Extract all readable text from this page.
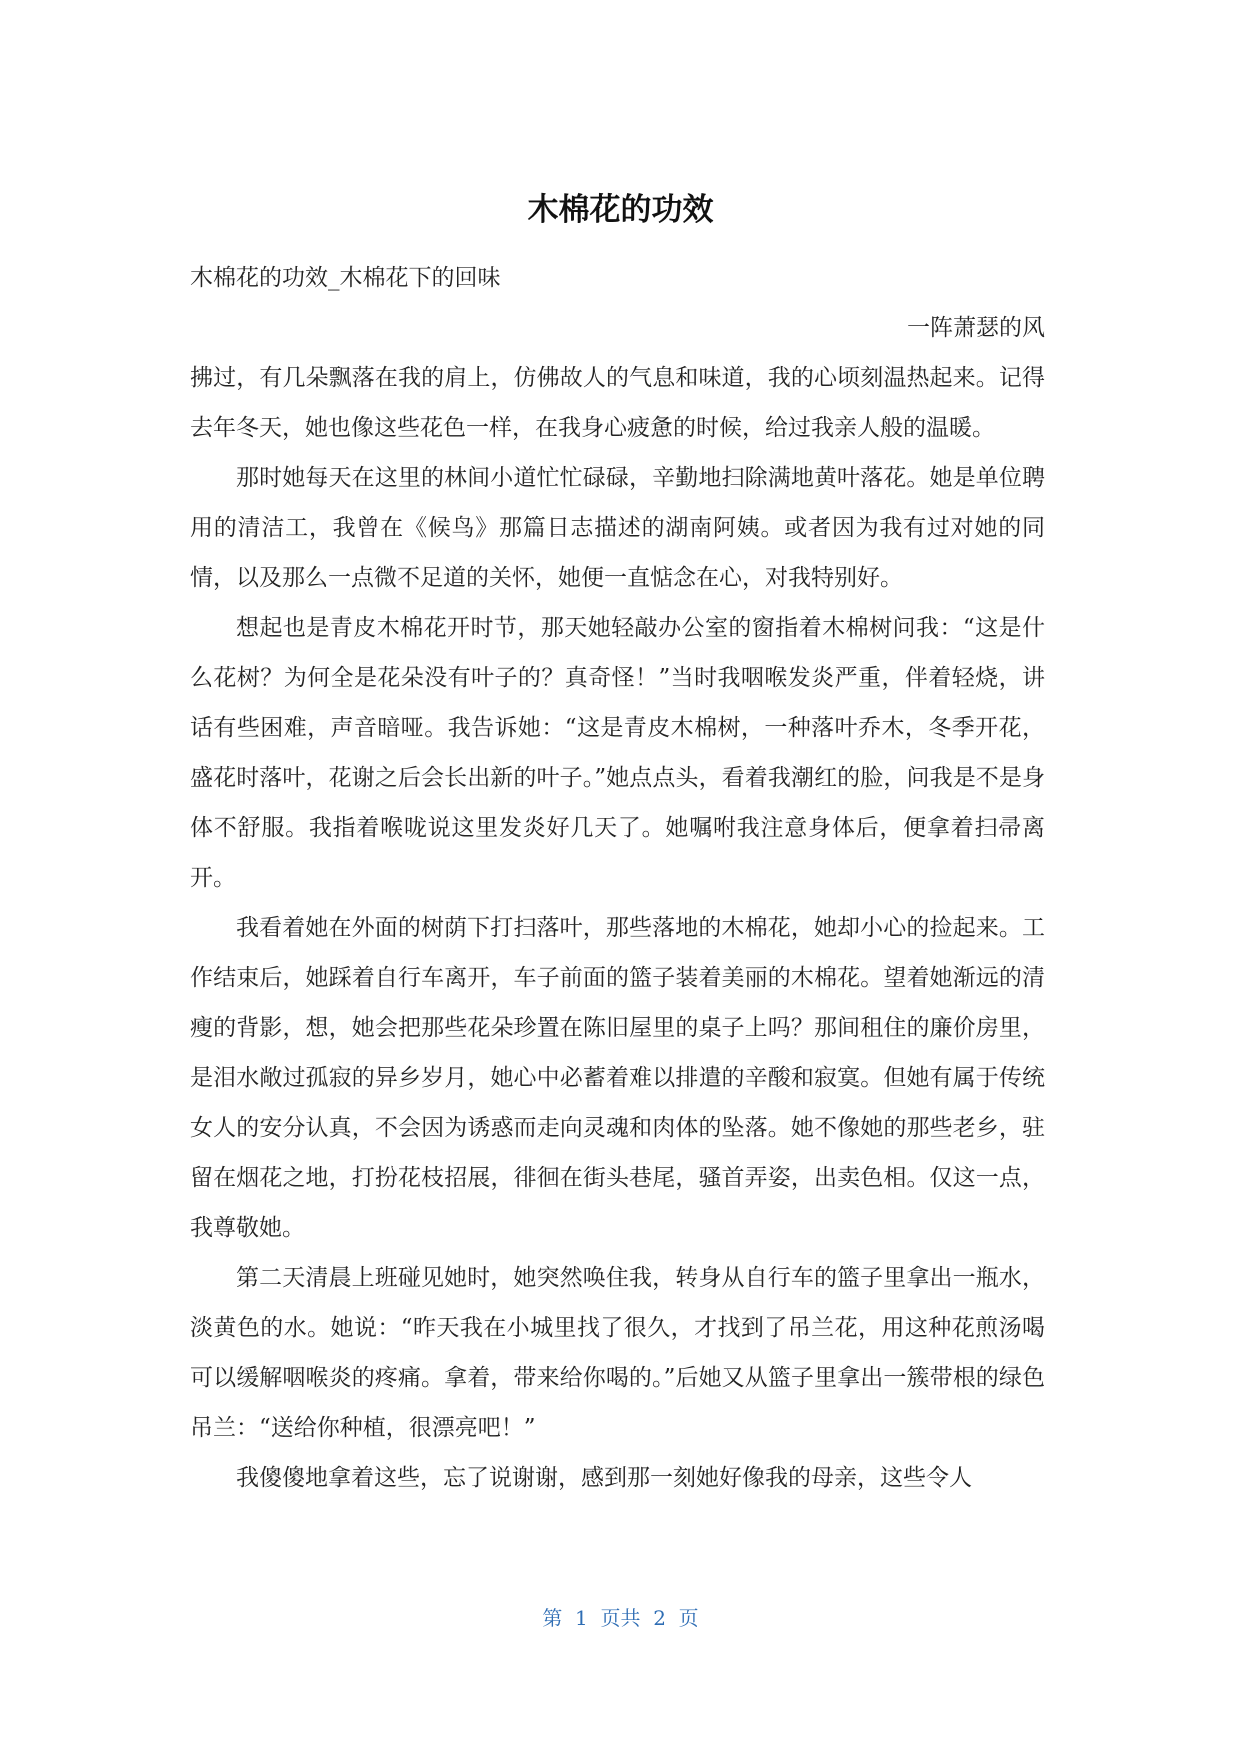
木棉花的功效

木棉花的功效_木棉花下的回味

一阵萧瑟的风

拂过，有几朵飘落在我的肩上，仿佛故人的气息和味道，我的心顷刻温热起来。记得去年冬天，她也像这些花色一样，在我身心疲惫的时候，给过我亲人般的温暖。

那时她每天在这里的林间小道忙忙碌碌，辛勤地扫除满地黄叶落花。她是单位聘用的清洁工，我曾在《候鸟》那篇日志描述的湖南阿姨。或者因为我有过对她的同情，以及那么一点微不足道的关怀，她便一直惦念在心，对我特别好。

想起也是青皮木棉花开时节，那天她轻敲办公室的窗指着木棉树问我：“这是什么花树？为何全是花朵没有叶子的？真奇怪！”当时我咽喉发炎严重，伴着轻烧，讲话有些困难，声音暗哑。我告诉她：“这是青皮木棉树，一种落叶乔木，冬季开花，盛花时落叶，花谢之后会长出新的叶子。”她点点头，看着我潮红的脸，问我是不是身体不舒服。我指着喉咙说这里发炎好几天了。她嘱咐我注意身体后，便拿着扫帚离开。

我看着她在外面的树荫下打扫落叶，那些落地的木棉花，她却小心的捡起来。工作结束后，她踩着自行车离开，车子前面的篮子装着美丽的木棉花。望着她渐远的清瘦的背影，想，她会把那些花朵珍置在陈旧屋里的桌子上吗？那间租住的廉价房里，是泪水敞过孤寂的异乡岁月，她心中必蓄着难以排遣的辛酸和寂寞。但她有属于传统女人的安分认真，不会因为诱惑而走向灵魂和肉体的坠落。她不像她的那些老乡，驻留在烟花之地，打扮花枝招展，徘徊在街头巷尾，骚首弄姿，出卖色相。仅这一点，我尊敬她。

第二天清晨上班碰见她时，她突然唤住我，转身从自行车的篮子里拿出一瓶水，淡黄色的水。她说：“昨天我在小城里找了很久，才找到了吊兰花，用这种花煎汤喝可以缓解咽喉炎的疼痛。拿着，带来给你喝的。”后她又从篮子里拿出一簇带根的绿色吊兰：“送给你种植，很漂亮吧！”

我傻傻地拿着这些，忘了说谢谢，感到那一刻她好像我的母亲，这些令人

第  1  页共  2  页
